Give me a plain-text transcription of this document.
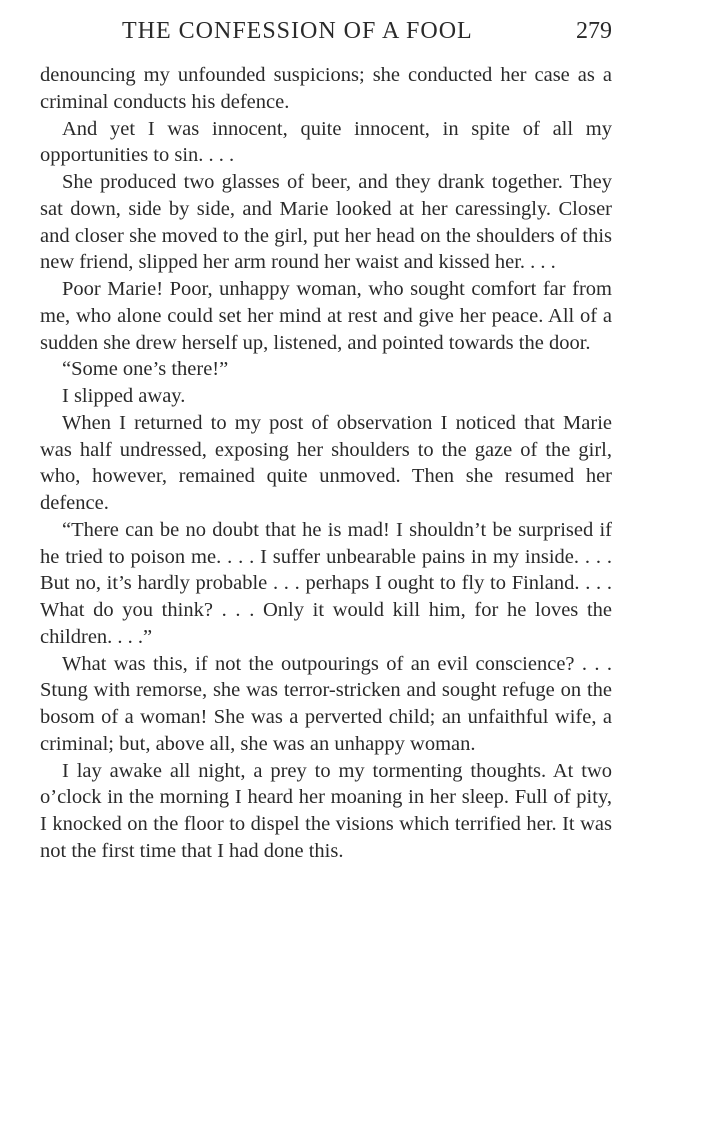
THE CONFESSION OF A FOOL	279

denouncing my unfounded suspicions; she conducted her case as a criminal conducts his defence.

And yet I was innocent, quite innocent, in spite of all my opportunities to sin. . . .

She produced two glasses of beer, and they drank together. They sat down, side by side, and Marie looked at her caressingly. Closer and closer she moved to the girl, put her head on the shoulders of this new friend, slipped her arm round her waist and kissed her. . . .

Poor Marie! Poor, unhappy woman, who sought comfort far from me, who alone could set her mind at rest and give her peace. All of a sudden she drew herself up, listened, and pointed towards the door.

“Some one’s there!”

I slipped away.

When I returned to my post of observation I noticed that Marie was half undressed, exposing her shoulders to the gaze of the girl, who, however, remained quite unmoved. Then she resumed her defence.

“There can be no doubt that he is mad! I shouldn’t be surprised if he tried to poison me. . . . I suffer unbearable pains in my inside. . . . But no, it’s hardly probable . . . perhaps I ought to fly to Finland. . . . What do you think? . . . Only it would kill him, for he loves the children. . . .”

What was this, if not the outpourings of an evil conscience? . . . Stung with remorse, she was terror-stricken and sought refuge on the bosom of a woman! She was a perverted child; an unfaithful wife, a criminal; but, above all, she was an unhappy woman.

I lay awake all night, a prey to my tormenting thoughts. At two o’clock in the morning I heard her moaning in her sleep. Full of pity, I knocked on the floor to dispel the visions which terrified her. It was not the first time that I had done this.
